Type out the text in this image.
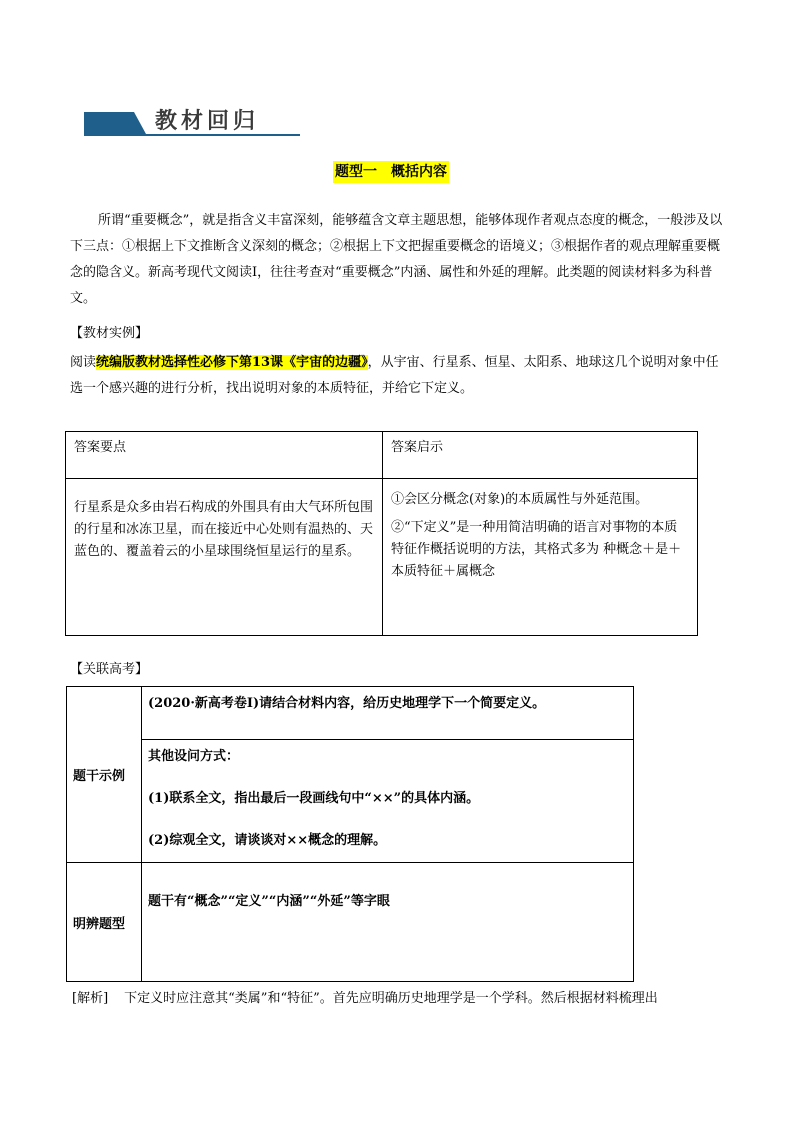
教材回归
题型一　概括内容
所谓“重要概念”，就是指含义丰富深刻，能够蕴含文章主题思想，能够体现作者观点态度的概念，一般涉及以下三点：①根据上下文推断含义深刻的概念；②根据上下文把握重要概念的语境义；③根据作者的观点理解重要概念的隐含义。新高考现代文阅读Ⅰ，往往考查对“重要概念”内涵、属性和外延的理解。此类题的阅读材料多为科普文。
【教材实例】
阅读统编版教材选择性必修下第13课《宇宙的边疆》，从宇宙、行星系、恒星、太阳系、地球这几个说明对象中任选一个感兴趣的进行分析，找出说明对象的本质特征，并给它下定义。
答案要点	答案启示
行星系是众多由岩石构成的外围具有由大气环所包围的行星和冰冻卫星，而在接近中心处则有温热的、天蓝色的、覆盖着云的小星球围绕恒星运行的星系。	①会区分概念(对象)的本质属性与外延范围。

②“下定义”是一种用简洁明确的语言对事物的本质特征作概括说明的方法，其格式多为 种概念＋是＋本质特征＋属概念

【关联高考】
题干示例	(2020·新高考卷Ⅰ)请结合材料内容，给历史地理学下一个简要定义。

	其他设问方式：

(1)联系全文，指出最后一段画线句中“××”的具体内涵。

(2)综观全文，请谈谈对××概念的理解。

明辨题型	题干有“概念”“定义”“内涵”“外延”等字眼
[解析] 下定义时应注意其“类属”和“特征”。首先应明确历史地理学是一个学科。然后根据材料梳理出
